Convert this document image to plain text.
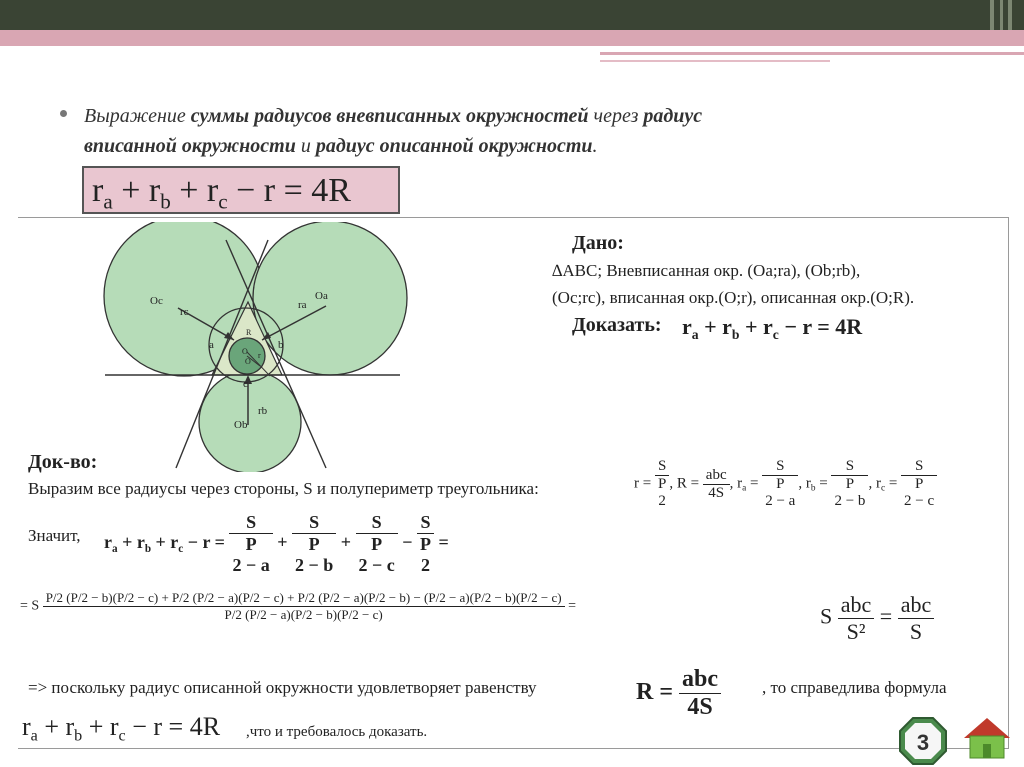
Выражение суммы радиусов вневписанных окружностей через радиус
вписанной окружности и радиус описанной окружности.
$r_a + r_b + r_c - r = 4R$
Oc
rc
Oa
ra
Ob
rb
a	b
c
r
R
O
O
Дано:
∆ABC; Вневписанная окр. (Oa;ra), (Ob;rb),
(Oc;rc), вписанная окр.(O;r), описанная окр.(O;R).
Доказать: $r_a + r_b + r_c - r = 4R$
Док-во:
Выразим все радиусы через стороны, S и полупериметр треугольника:	r =
S
P
2
, $R = \frac{\text{abc}}{4S}$ , $r_a$ =
S
P
2 − a
, $r_b$ =
S
P
2 − b
, $r_c$ =
S
P
2 − c
Значит, $r_a + r_b + r_c - r$ =
S
P
2 − a
+
S
P
2 − b
+
S
P
2 − c
−
S
P
2
=
= S
P/2 (P/2 − b)(P/2 − c) + P/2 (P/2 − a)(P/2 − c) + P/2 (P/2 − a)(P/2 − b) − (P/2 − a)(P/2 − b)(P/2 − c)
P/2 (P/2 − a)(P/2 − b)(P/2 − c)
=	S $\frac{\text{abc}}{\text{S²}} = \frac{\text{abc}}{S}$
=> поскольку радиус описанной окружности удовлетворяет равенству	$R = \frac{\text{abc}}{4S}$ , то справедлива формула
$r_a + r_b + r_c - r = 4R$ ,что и требовалось доказать.	3
